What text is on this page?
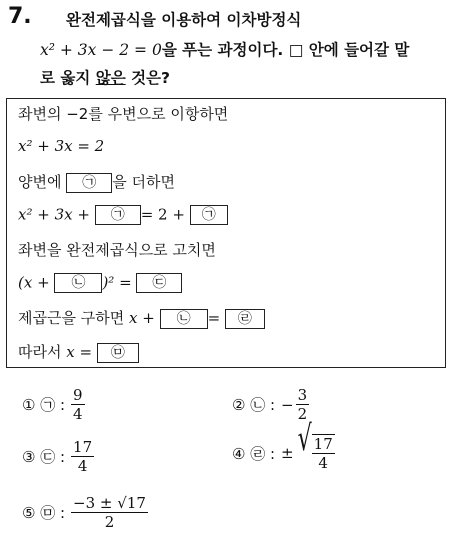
7. 완전제곱식을 이용하여 이차방정식
x² + 3x − 2 = 0을 푸는 과정이다. □ 안에 들어갈 말
로 옳지 않은 것은?
좌변의 −2를 우변으로 이항하면
x² + 3x = 2
양변에 ㉠ 을 더하면
x² + 3x + ㉠ = 2 + ㉠
좌변을 완전제곱식으로 고치면
(x + ㉡ )² = ㉢
제곱근을 구하면 x + ㉡ = ㉣
따라서 x = ㉤
① ㉠ : $\frac{9}{4}$	② ㉡ : − $\frac{3}{2}$
③ ㉢ : $\frac{17}{4}$	④ ㉣ : ± √ $\frac{17}{4}$
⑤ ㉤ : $\frac{-3 \pm √17}{2}$
